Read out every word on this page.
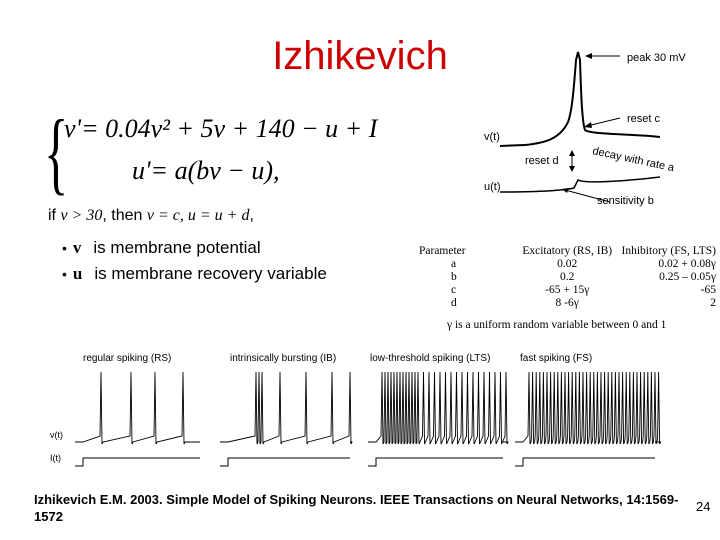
Izhikevich
{
v'= 0.04v² + 5v + 140 − u + I
u'= a(bv − u),
if v > 30, then v = c, u = u + d,
• v is membrane potential
• u is membrane recovery variable
peak 30 mV
reset c
v(t)
reset d	decay with rate a
u(t)
sensitivity b
Parameter	Excitatory (RS, IB)	Inhibitory (FS, LTS)
a	0.02	0.02 + 0.08γ
b	0.2	0.25 – 0.05γ
c	-65 + 15γ	-65
d	8 -6γ	2
γ is a uniform random variable between 0 and 1
regular spiking (RS)	intrinsically bursting (IB)	low-threshold spiking (LTS)	fast spiking (FS)
v(t)
I(t)
Izhikevich E.M. 2003. Simple Model of Spiking Neurons. IEEE Transactions on Neural Networks, 14:1569-1572
24
